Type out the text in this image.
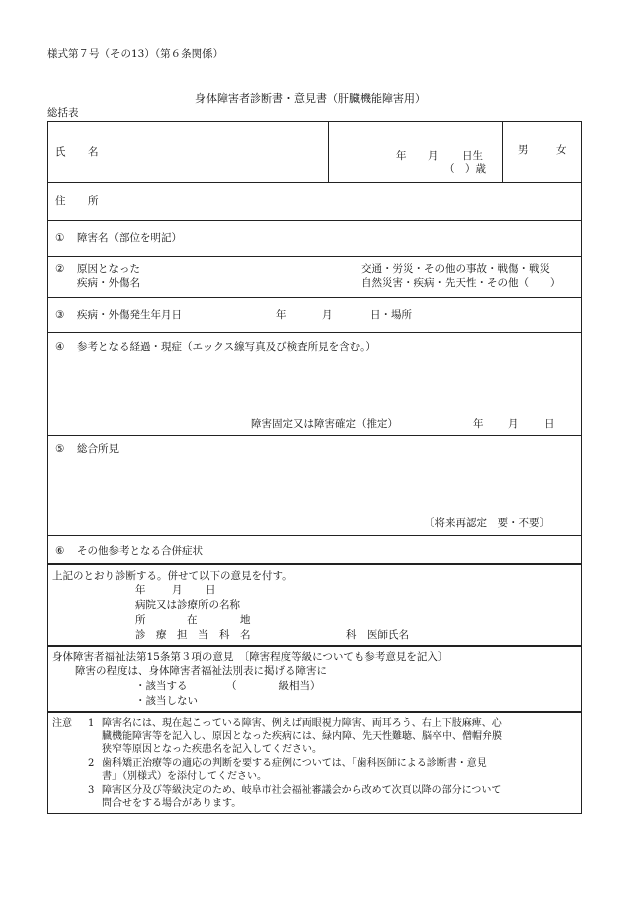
様式第７号（その13）（第６条関係）
身体障害者診断書・意見書（肝臓機能障害用）
総括表
氏 名	年 月 日生
（　）歳
男	女
住 所
① 障害名（部位を明記）
② 原因となった
疾病・外傷名
交通・労災・その他の事故・戦傷・戦災
自然災害・疾病・先天性・その他（　　）
③ 疾病・外傷発生年月日	年	月	日・場所
④ 参考となる経過・現症（エックス線写真及び検査所見を含む。）
障害固定又は障害確定（推定）	年 月 日
⑤ 総合所見
〔将来再認定　要・不要〕
⑥ その他参考となる合併症状
上記のとおり診断する。併せて以下の意見を付す。
年	月 日
病院又は診療所の名称
所	在	地
診　療　担　当　科　名	科　医師氏名
身体障害者福祉法第15条第３項の意見　〔障害程度等級についても参考意見を記入〕
障害の程度は、身体障害者福祉法別表に掲げる障害に
・該当する	（　　　　級相当）
・該当しない
注意 1 障害名には、現在起こっている障害、例えば両眼視力障害、両耳ろう、右上下肢麻痺、心
臓機能障害等を記入し、原因となった疾病には、緑内障、先天性難聴、脳卒中、僧帽弁膜
狭窄等原因となった疾患名を記入してください。
2 歯科矯正治療等の適応の判断を要する症例については、「歯科医師による診断書・意見
書」（別様式）を添付してください。
3 障害区分及び等級決定のため、岐阜市社会福祉審議会から改めて次頁以降の部分について
問合せをする場合があります。
